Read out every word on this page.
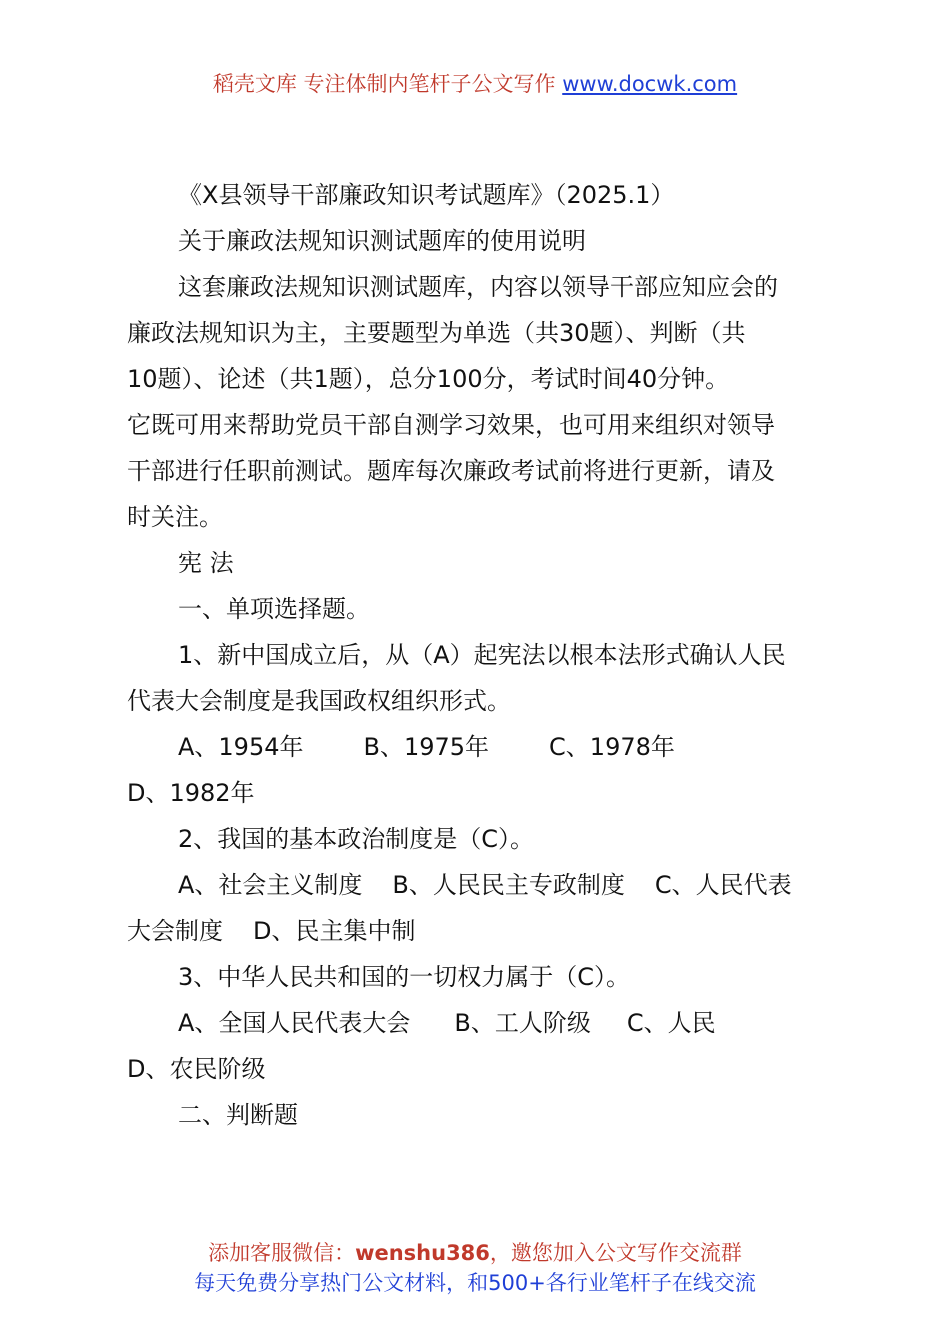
稻壳文库 专注体制内笔杆子公文写作 www.docwk.com

《X县领导干部廉政知识考试题库》（2025.1）

关于廉政法规知识测试题库的使用说明

这套廉政法规知识测试题库，内容以领导干部应知应会的

廉政法规知识为主，主要题型为单选（共30题）、判断（共

10题）、论述（共1题），总分100分，考试时间40分钟。

它既可用来帮助党员干部自测学习效果，也可用来组织对领导

干部进行任职前测试。题库每次廉政考试前将进行更新，请及

时关注。

宪 法

一、单项选择题。

1、新中国成立后，从（A）起宪法以根本法形式确认人民

代表大会制度是我国政权组织形式。

A、1954年	B、1975年	C、1978年

D、1982年

2、我国的基本政治制度是（C）。

A、社会主义制度 B、人民民主专政制度 C、人民代表

大会制度 D、民主集中制

3、中华人民共和国的一切权力属于（C）。

A、全国人民代表大会 B、工人阶级 C、人民

D、农民阶级

二、判断题

添加客服微信：wenshu386，邀您加入公文写作交流群
每天免费分享热门公文材料，和500+各行业笔杆子在线交流
